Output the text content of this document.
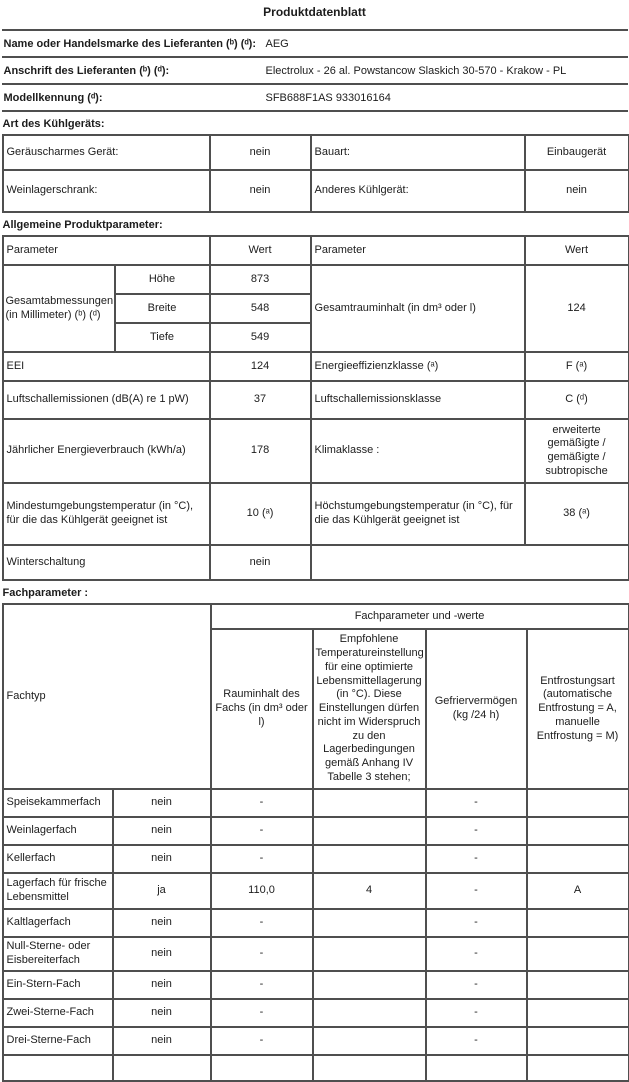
Produktdatenblatt
Name oder Handelsmarke des Lieferanten (ᵇ) (ᵈ): AEG
Anschrift des Lieferanten (ᵇ) (ᵈ):	Electrolux - 26 al. Powstancow Slaskich 30-570 - Krakow - PL
Modellkennung (ᵈ):	SFB688F1AS 933016164
Art des Kühlgeräts:
Geräuscharmes Gerät:	nein	Bauart:	Einbaugerät
Weinlagerschrank:	nein	Anderes Kühlgerät:	nein
Allgemeine Produktparameter:
Parameter		Wert	Parameter	Wert
Gesamtabmessungen (in Millimeter) (ᵇ) (ᵈ)	Höhe	873	Gesamtrauminhalt (in dm³ oder l)	124
	Breite	548		
	Tiefe	549		
EEI		124	Energieeffizienzklasse (ᵃ)	F (ᵃ)
Luftschallemissionen (dB(A) re 1 pW)		37	Luftschallemissionsklasse	C (ᵈ)
Jährlicher Energieverbrauch (kWh/a)		178	Klimaklasse :	erweiterte gemäßigte / gemäßigte / subtropische
Mindestumgebungstemperatur (in °C), für die das Kühlgerät geeignet ist		10 (ᵃ)	Höchstumgebungstemperatur (in °C), für die das Kühlgerät geeignet ist	38 (ᵃ)
Winterschaltung		nein		
Fachparameter :
Fachtyp		Fachparameter und -werte			
		Rauminhalt des Fachs (in dm³ oder l)	Empfohlene Temperatureinstellung für eine optimierte Lebensmittellagerung (in °C). Diese Einstellungen dürfen nicht im Widerspruch zu den Lagerbedingungen gemäß Anhang IV Tabelle 3 stehen;	Gefriervermögen (kg /24 h)	Entfrostungsart (automatische Entfrostung = A, manuelle Entfrostung = M)
Speisekammerfach	nein	-		-	
Weinlagerfach	nein	-		-	
Kellerfach	nein	-		-	
Lagerfach für frische Lebensmittel	ja	110,0	4	-	A
Kaltlagerfach	nein	-		-	
Null-Sterne- oder Eisbereiterfach	nein	-		-	
Ein-Stern-Fach	nein	-		-	
Zwei-Sterne-Fach	nein	-		-	
Drei-Sterne-Fach	nein	-		-	
